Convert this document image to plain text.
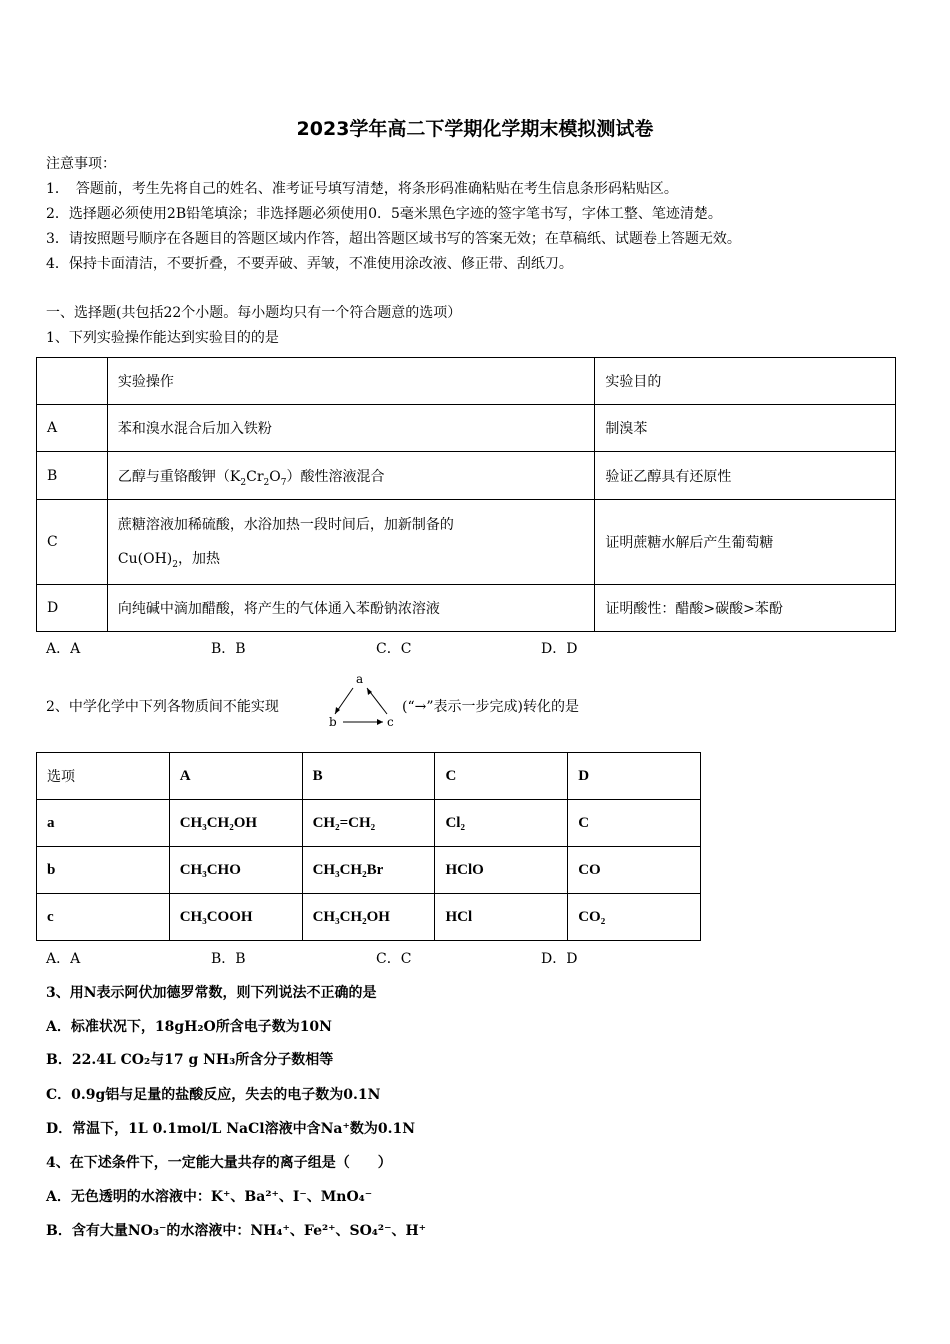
2023学年高二下学期化学期末模拟测试卷
注意事项：
1．　答题前，考生先将自己的姓名、准考证号填写清楚，将条形码准确粘贴在考生信息条形码粘贴区。
2．选择题必须使用2B铅笔填涂；非选择题必须使用0．5毫米黑色字迹的签字笔书写，字体工整、笔迹清楚。
3．请按照题号顺序在各题目的答题区域内作答，超出答题区域书写的答案无效；在草稿纸、试题卷上答题无效。
4．保持卡面清洁，不要折叠，不要弄破、弄皱，不准使用涂改液、修正带、刮纸刀。
一、选择题(共包括22个小题。每小题均只有一个符合题意的选项）
1、下列实验操作能达到实验目的的是
	实验操作	实验目的
A	苯和溴水混合后加入铁粉	制溴苯
B	乙醇与重铬酸钾$(K_2Cr_2O_7)$酸性溶液混合	验证乙醇具有还原性
C	蔗糖溶液加稀硫酸，水浴加热一段时间后，加新制备的
$Cu(OH)_2$，加热	证明蔗糖水解后产生葡萄糖
D	向纯碱中滴加醋酸，将产生的气体通入苯酚钠浓溶液	证明酸性：醋酸>碳酸>苯酚
A．A	B．B	C．C	D．D
2、中学化学中下列各物质间不能实现
a
b	c
(“→”表示一步完成)转化的是
选项	A	B	C	D
a	CH₃CH₂OH	CH₂=CH₂	Cl₂	C
b	CH₃CHO	CH₃CH₂Br	HClO	CO
c	CH₃COOH	CH₃CH₂OH	HCl	CO₂
A．A	B．B	C．C	D．D
3、用N表示阿伏加德罗常数，则下列说法不正确的是
A．标准状况下，18gH₂O所含电子数为10N
B．22.4L CO₂与17 g NH₃所含分子数相等
C．0.9g铝与足量的盐酸反应，失去的电子数为0.1N
D．常温下，1L 0.1mol/L NaCl溶液中含Na⁺数为0.1N
4、在下述条件下，一定能大量共存的离子组是（　　）
A．无色透明的水溶液中：K⁺、Ba²⁺、I⁻、MnO₄⁻
B．含有大量NO₃⁻的水溶液中：NH₄⁺、Fe²⁺、SO₄²⁻、H⁺
